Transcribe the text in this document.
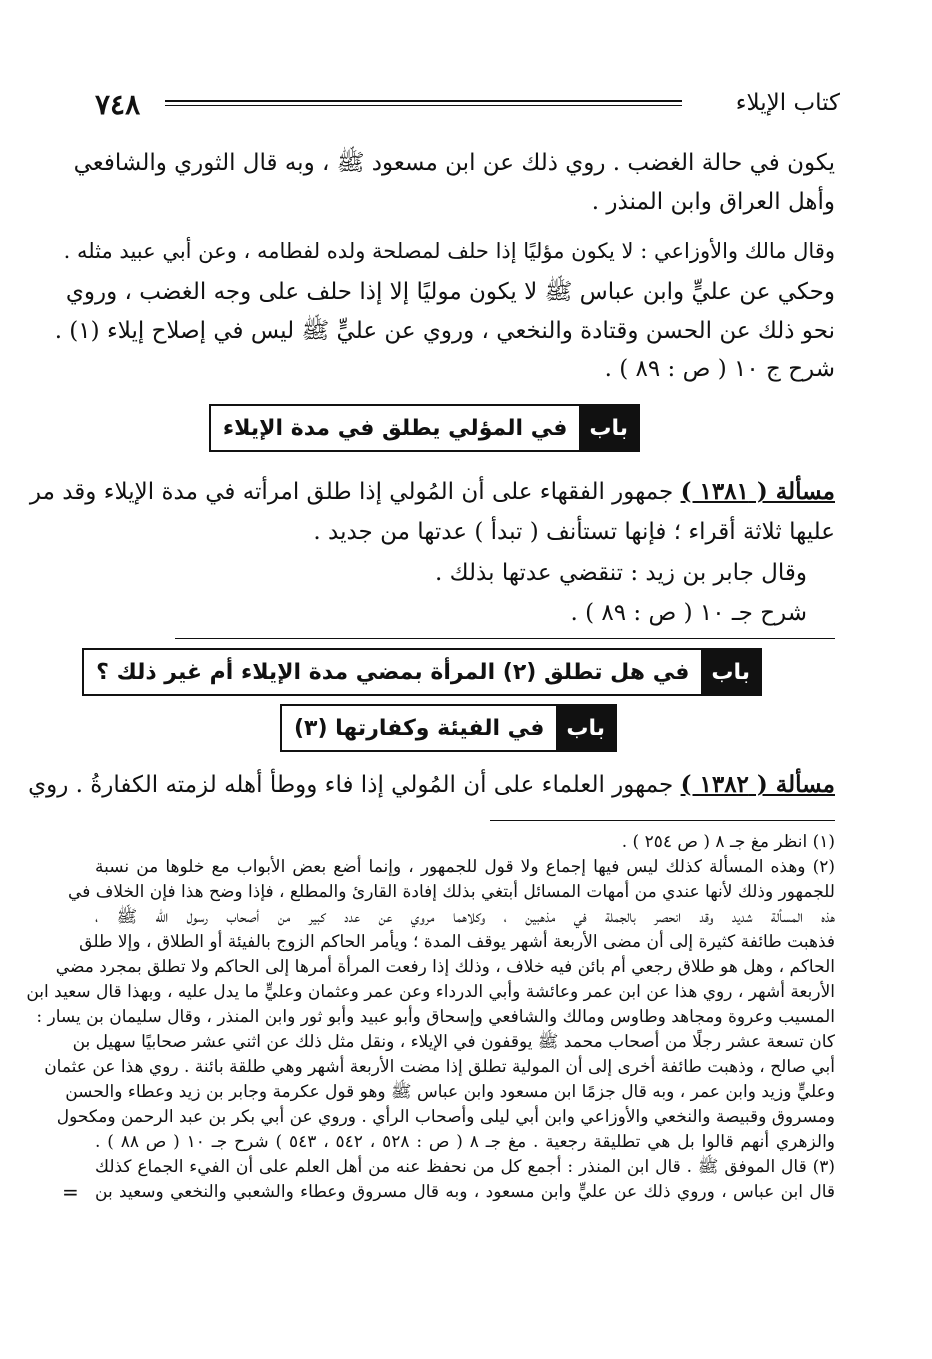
٧٤٨	كتاب الإيلاء

يكون في حالة الغضب . روي ذلك عن ابن مسعود ﷺ ، وبه قال الثوري والشافعي

وأهل العراق وابن المنذر .

وقال مالك والأوزاعي : لا يكون مؤليًا إذا حلف لمصلحة ولده لفطامه ، وعن أبي عبيد مثله .

وحكي عن عليٍّ وابن عباس ﷺ لا يكون موليًا إلا إذا حلف على وجه الغضب ، وروي

نحو ذلك عن الحسن وقتادة والنخعي ، وروي عن عليٍّ ﷺ ليس في إصلاح إيلاء (١) .

شرح ج ١٠ ( ص : ٨٩ ) .

باب
في المؤلي يطلق في مدة الإيلاء

مسألة ( ١٣٨١ ) جمهور الفقهاء على أن المُولي إذا طلق امرأته في مدة الإيلاء وقد مر

عليها ثلاثة أقراء ؛ فإنها تستأنف ( تبدأ ) عدتها من جديد .

وقال جابر بن زيد : تنقضي عدتها بذلك .

شرح جـ ١٠ ( ص : ٨٩ ) .

باب
في هل تطلق (٢) المرأة بمضي مدة الإيلاء أم غير ذلك ؟
باب
في الفيئة وكفارتها (٣)

مسألة ( ١٣٨٢ ) جمهور العلماء على أن المُولي إذا فاء ووطأ أهله لزمته الكفارةُ . روي

(١) انظر مغ جـ ٨ ( ص ٢٥٤ ) .

(٢) وهذه المسألة كذلك ليس فيها إجماع ولا قول للجمهور ، وإنما أضع بعض الأبواب مع خلوها من نسبة

للجمهور وذلك لأنها عندي من أمهات المسائل أبتغي بذلك إفادة القارئ والمطلع ، فإذا وضح هذا فإن الخلاف في

هذه المسألة شديد وقد انحصر بالجملة في مذهبين ، وكلاهما مروي عن عدد كبير من أصحاب رسول الله ﷺ ،

فذهبت طائفة كثيرة إلى أن مضى الأربعة أشهر يوقف المدة ؛ ويأمر الحاكم الزوج بالفيئة أو الطلاق ، وإلا طلق

الحاكم ، وهل هو طلاق رجعي أم بائن فيه خلاف ، وذلك إذا رفعت المرأة أمرها إلى الحاكم ولا تطلق بمجرد مضي

الأربعة أشهر ، روي هذا عن ابن عمر وعائشة وأبي الدرداء وعن عمر وعثمان وعليٍّ ما يدل عليه ، وبهذا قال سعيد ابن

المسيب وعروة ومجاهد وطاوس ومالك والشافعي وإسحاق وأبو عبيد وأبو ثور وابن المنذر ، وقال سليمان بن يسار :

كان تسعة عشر رجلًا من أصحاب محمد ﷺ يوقفون في الإيلاء ، ونقل مثل ذلك عن اثني عشر صحابيًا سهيل بن

أبي صالح ، وذهبت طائفة أخرى إلى أن المولية تطلق إذا مضت الأربعة أشهر وهي طلقة بائنة . روي هذا عن عثمان

وعليٍّ وزيد وابن عمر ، وبه قال جزمًا ابن مسعود وابن عباس ﷺ وهو قول عكرمة وجابر بن زيد وعطاء والحسن

ومسروق وقبيصة والنخعي والأوزاعي وابن أبي ليلى وأصحاب الرأي . وروي عن أبي بكر بن عبد الرحمن ومكحول

والزهري أنهم قالوا بل هي تطليقة رجعية . مغ جـ ٨ ( ص : ٥٢٨ ، ٥٤٢ ، ٥٤٣ ) شرح جـ ١٠ ( ص ٨٨ ) .

(٣) قال الموفق ﷺ . قال ابن المنذر : أجمع كل من نحفظ عنه من أهل العلم على أن الفيء الجماع كذلك

قال ابن عباس ، وروي ذلك عن عليٍّ وابن مسعود ، وبه قال مسروق وعطاء والشعبي والنخعي وسعيد بن

=
